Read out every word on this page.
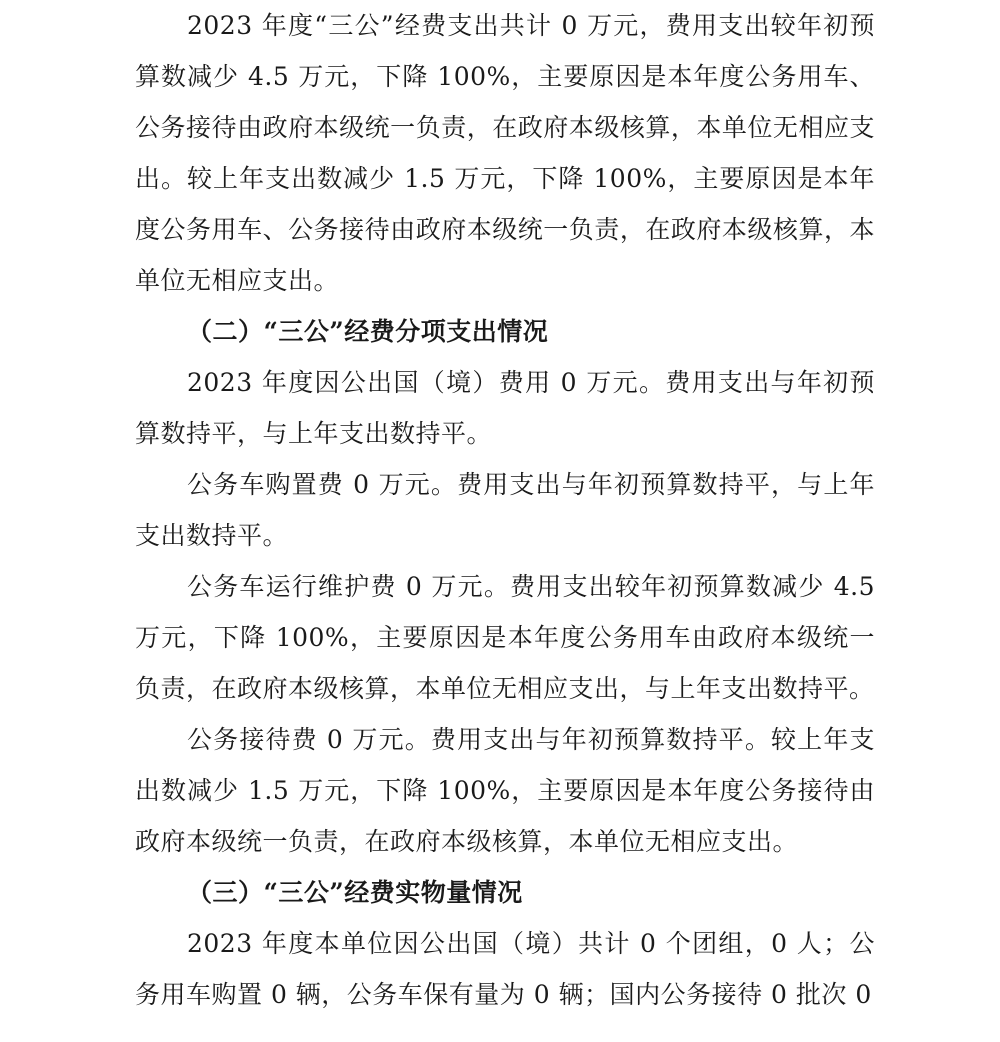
2023 年度“三公”经费支出共计 0 万元，费用支出较年初预算数减少 4.5 万元，下降 100%，主要原因是本年度公务用车、公务接待由政府本级统一负责，在政府本级核算，本单位无相应支出。较上年支出数减少 1.5 万元，下降 100%，主要原因是本年度公务用车、公务接待由政府本级统一负责，在政府本级核算，本单位无相应支出。

（二）“三公”经费分项支出情况

2023 年度因公出国（境）费用 0 万元。费用支出与年初预算数持平，与上年支出数持平。

公务车购置费 0 万元。费用支出与年初预算数持平，与上年支出数持平。

公务车运行维护费 0 万元。费用支出较年初预算数减少 4.5 万元，下降 100%，主要原因是本年度公务用车由政府本级统一负责，在政府本级核算，本单位无相应支出，与上年支出数持平。

公务接待费 0 万元。费用支出与年初预算数持平。较上年支出数减少 1.5 万元，下降 100%，主要原因是本年度公务接待由政府本级统一负责，在政府本级核算，本单位无相应支出。

（三）“三公”经费实物量情况

2023 年度本单位因公出国（境）共计 0 个团组，0 人；公务用车购置 0 辆，公务车保有量为 0 辆；国内公务接待 0 批次 0
